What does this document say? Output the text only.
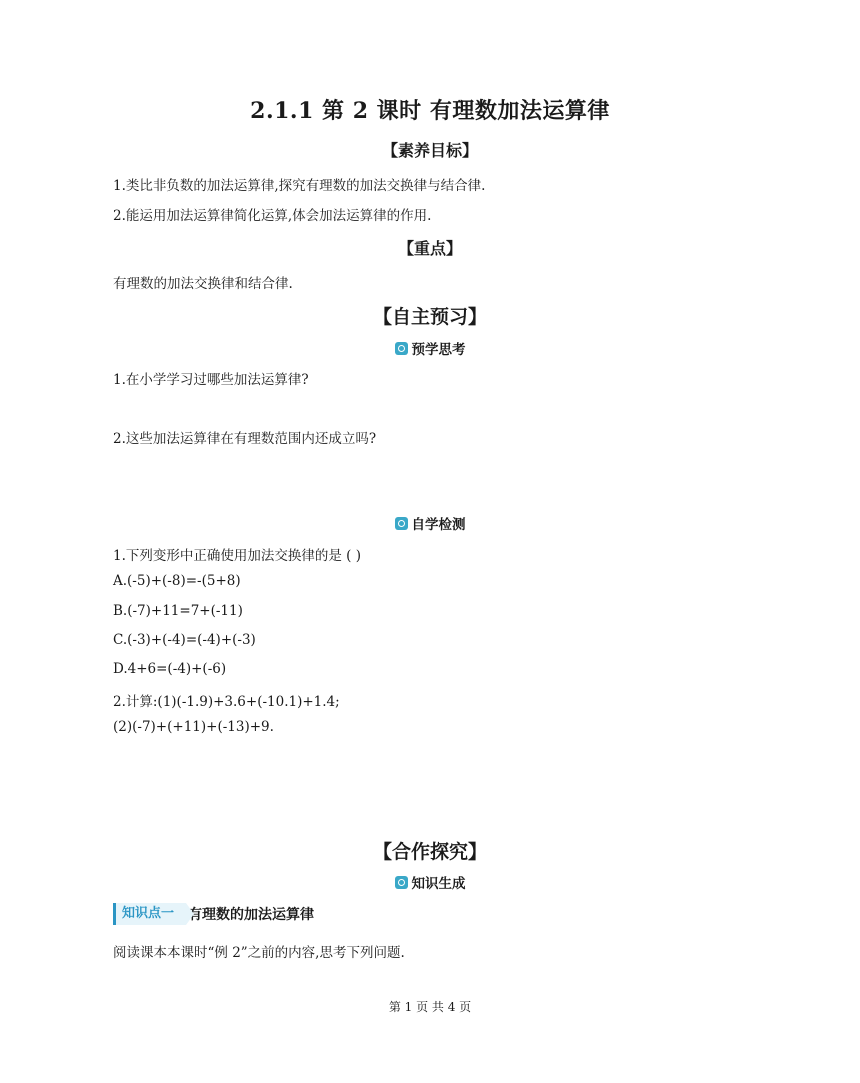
2.1.1 第 2 课时 有理数加法运算律
【素养目标】
1.类比非负数的加法运算律,探究有理数的加法交换律与结合律.
2.能运用加法运算律简化运算,体会加法运算律的作用.
【重点】
有理数的加法交换律和结合律.
【自主预习】
预学思考
1.在小学学习过哪些加法运算律?
2.这些加法运算律在有理数范围内还成立吗?
自学检测
1.下列变形中正确使用加法交换律的是 ( )
A.(-5)+(-8)=-(5+8)
B.(-7)+11=7+(-11)
C.(-3)+(-4)=(-4)+(-3)
D.4+6=(-4)+(-6)
2.计算:(1)(-1.9)+3.6+(-10.1)+1.4;
(2)(-7)+(+11)+(-13)+9.
【合作探究】
知识生成
知识点一	有理数的加法运算律
阅读课本本课时“例 2”之前的内容,思考下列问题.
第 1 页 共 4 页
